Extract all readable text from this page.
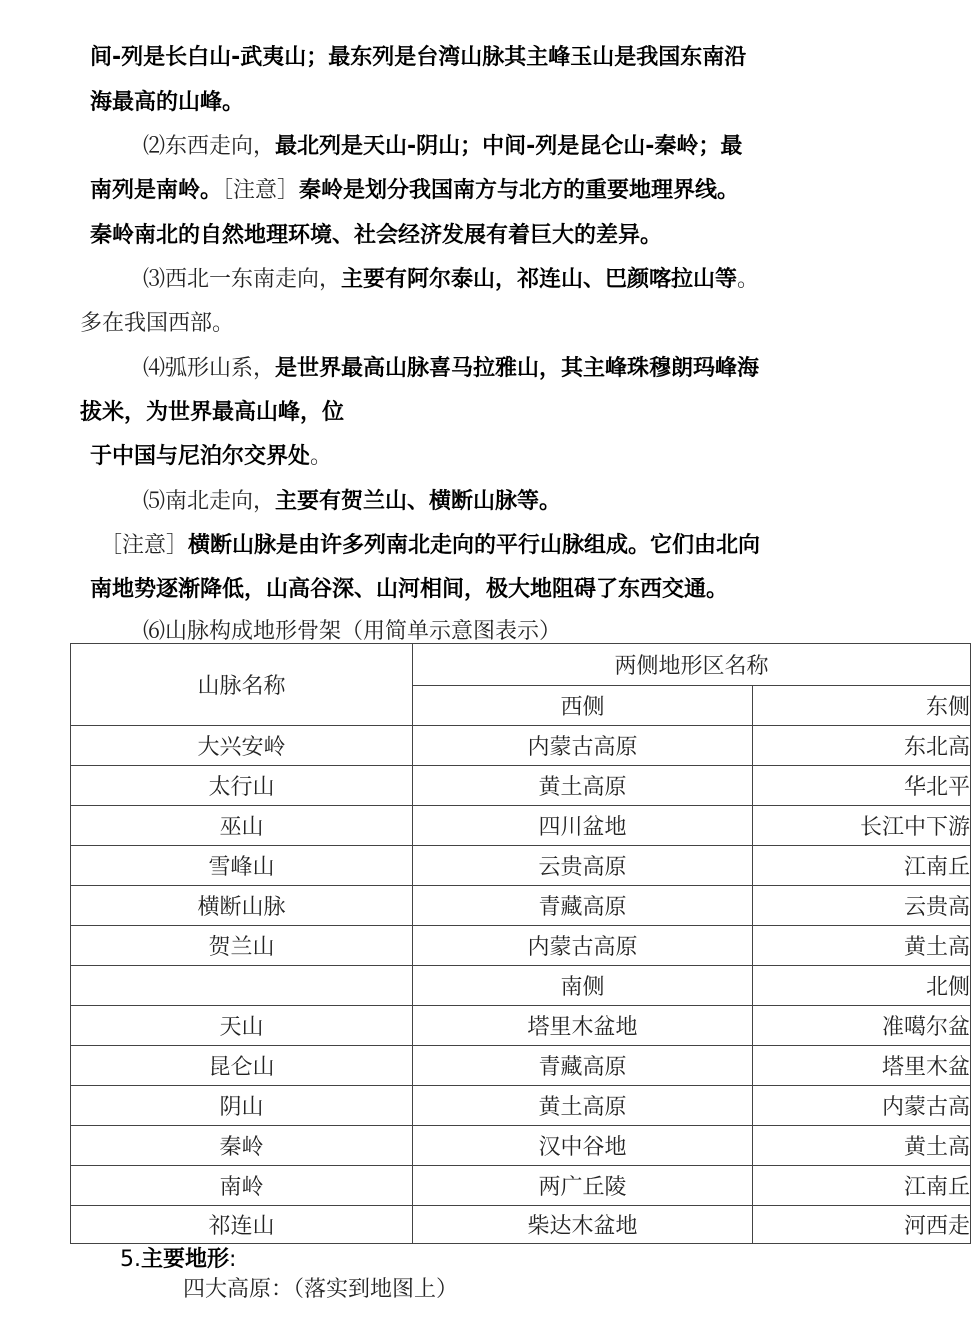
间-列是长白山-武夷山；最东列是台湾山脉其主峰玉山是我国东南沿
海最高的山峰。
⑵东西走向，最北列是天山-阴山；中间-列是昆仑山-秦岭；最
南列是南岭。［注意］秦岭是划分我国南方与北方的重要地理界线。
秦岭南北的自然地理环境、社会经济发展有着巨大的差异。
⑶西北一东南走向，主要有阿尔泰山，祁连山、巴颜喀拉山等。
多在我国西部。
⑷弧形山系，是世界最高山脉喜马拉雅山，其主峰珠穆朗玛峰海
拔米，为世界最高山峰，位
于中国与尼泊尔交界处。
⑸南北走向，主要有贺兰山、横断山脉等。
［注意］横断山脉是由许多列南北走向的平行山脉组成。它们由北向
南地势逐渐降低，山高谷深、山河相间，极大地阻碍了东西交通。
⑹山脉构成地形骨架（用简单示意图表示）
山脉名称	两侧地形区名称	
	西侧	东侧
大兴安岭	内蒙古高原	东北高
太行山	黄土高原	华北平
巫山	四川盆地	长江中下游
雪峰山	云贵高原	江南丘
横断山脉	青藏高原	云贵高
贺兰山	内蒙古高原	黄土高
	南侧	北侧
天山	塔里木盆地	准噶尔盆
昆仑山	青藏高原	塔里木盆
阴山	黄土高原	内蒙古高
秦岭	汉中谷地	黄土高
南岭	两广丘陵	江南丘
祁连山	柴达木盆地	河西走
5.主要地形:
四大高原：（落实到地图上）
